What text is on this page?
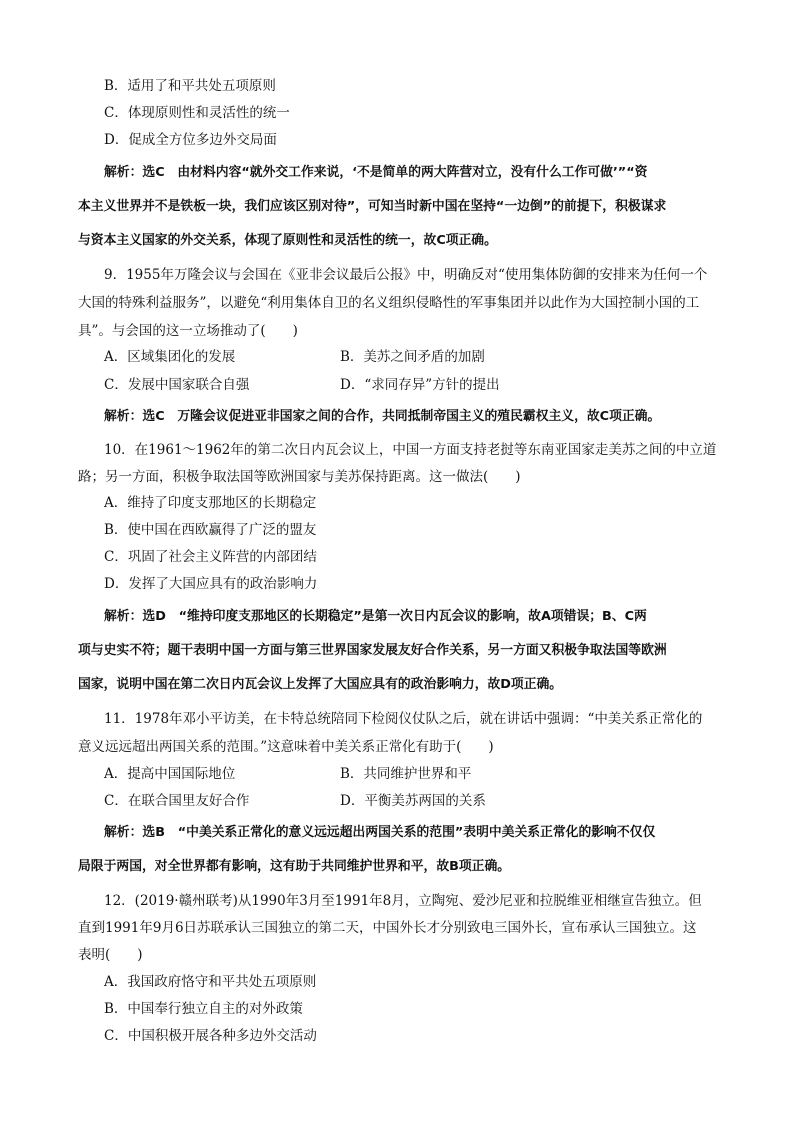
B．适用了和平共处五项原则
C．体现原则性和灵活性的统一
D．促成全方位多边外交局面
解析：选C　由材料内容“就外交工作来说，‘不是简单的两大阵营对立，没有什么工作可做’”“资
本主义世界并不是铁板一块，我们应该区别对待”，可知当时新中国在坚持“一边倒”的前提下，积极谋求
与资本主义国家的外交关系，体现了原则性和灵活性的统一，故C项正确。
9．1955年万隆会议与会国在《亚非会议最后公报》中，明确反对“使用集体防御的安排来为任何一个
大国的特殊利益服务”，以避免“利用集体自卫的名义组织侵略性的军事集团并以此作为大国控制小国的工
具”。与会国的这一立场推动了(　　)
A．区域集团化的发展	B．美苏之间矛盾的加剧
C．发展中国家联合自强	D．“求同存异”方针的提出
解析：选C　万隆会议促进亚非国家之间的合作，共同抵制帝国主义的殖民霸权主义，故C项正确。
10．在1961～1962年的第二次日内瓦会议上，中国一方面支持老挝等东南亚国家走美苏之间的中立道
路；另一方面，积极争取法国等欧洲国家与美苏保持距离。这一做法(　　)
A．维持了印度支那地区的长期稳定
B．使中国在西欧赢得了广泛的盟友
C．巩固了社会主义阵营的内部团结
D．发挥了大国应具有的政治影响力
解析：选D　“维持印度支那地区的长期稳定”是第一次日内瓦会议的影响，故A项错误；B、C两
项与史实不符；题干表明中国一方面与第三世界国家发展友好合作关系，另一方面又积极争取法国等欧洲
国家，说明中国在第二次日内瓦会议上发挥了大国应具有的政治影响力，故D项正确。
11．1978年邓小平访美，在卡特总统陪同下检阅仪仗队之后，就在讲话中强调：“中美关系正常化的
意义远远超出两国关系的范围。”这意味着中美关系正常化有助于(　　)
A．提高中国国际地位	B．共同维护世界和平
C．在联合国里友好合作	D．平衡美苏两国的关系
解析：选B　“中美关系正常化的意义远远超出两国关系的范围”表明中美关系正常化的影响不仅仅
局限于两国，对全世界都有影响，这有助于共同维护世界和平，故B项正确。
12．(2019·赣州联考)从1990年3月至1991年8月，立陶宛、爱沙尼亚和拉脱维亚相继宣告独立。但
直到1991年9月6日苏联承认三国独立的第二天，中国外长才分别致电三国外长，宣布承认三国独立。这
表明(　　)
A．我国政府恪守和平共处五项原则
B．中国奉行独立自主的对外政策
C．中国积极开展各种多边外交活动
